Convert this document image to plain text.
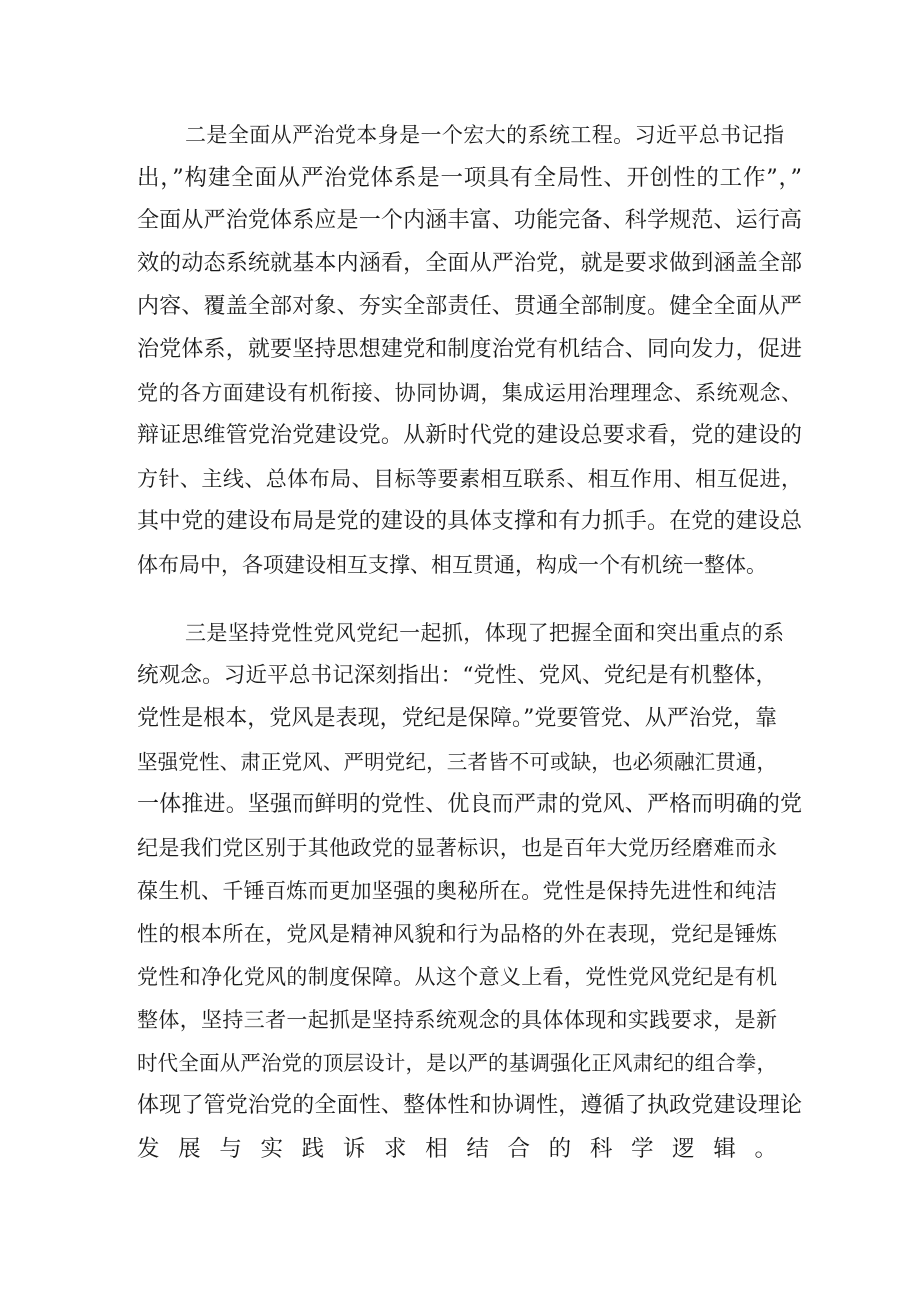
二是全面从严治党本身是一个宏大的系统工程。习近平总书记指
出，”构建全面从严治党体系是一项具有全局性、开创性的工作”，”
全面从严治党体系应是一个内涵丰富、功能完备、科学规范、运行高
效的动态系统就基本内涵看，全面从严治党，就是要求做到涵盖全部
内容、覆盖全部对象、夯实全部责任、贯通全部制度。健全全面从严
治党体系，就要坚持思想建党和制度治党有机结合、同向发力，促进
党的各方面建设有机衔接、协同协调，集成运用治理理念、系统观念、
辩证思维管党治党建设党。从新时代党的建设总要求看，党的建设的
方针、主线、总体布局、目标等要素相互联系、相互作用、相互促进，
其中党的建设布局是党的建设的具体支撑和有力抓手。在党的建设总
体布局中，各项建设相互支撑、相互贯通，构成一个有机统一整体。
三是坚持党性党风党纪一起抓，体现了把握全面和突出重点的系
统观念。习近平总书记深刻指出：“党性、党风、党纪是有机整体，
党性是根本，党风是表现，党纪是保障。”党要管党、从严治党，靠
坚强党性、肃正党风、严明党纪，三者皆不可或缺，也必须融汇贯通，
一体推进。坚强而鲜明的党性、优良而严肃的党风、严格而明确的党
纪是我们党区别于其他政党的显著标识，也是百年大党历经磨难而永
葆生机、千锤百炼而更加坚强的奥秘所在。党性是保持先进性和纯洁
性的根本所在，党风是精神风貌和行为品格的外在表现，党纪是锤炼
党性和净化党风的制度保障。从这个意义上看，党性党风党纪是有机
整体，坚持三者一起抓是坚持系统观念的具体体现和实践要求，是新
时代全面从严治党的顶层设计，是以严的基调强化正风肃纪的组合拳，
体现了管党治党的全面性、整体性和协调性，遵循了执政党建设理论
发展与实践诉求相结合的科学逻辑。
